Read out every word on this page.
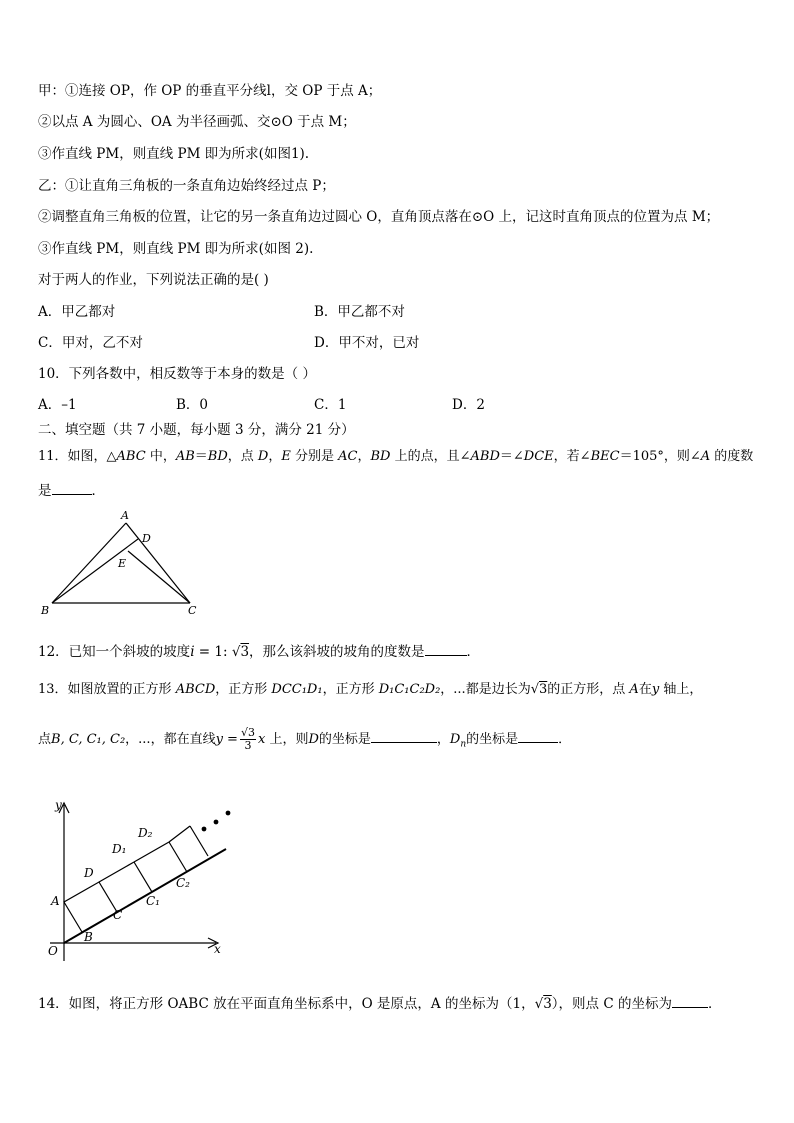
甲：①连接 OP，作 OP 的垂直平分线l，交 OP 于点 A；
②以点 A 为圆心、OA 为半径画弧、交⊙O 于点 M；
③作直线 PM，则直线 PM 即为所求(如图1).
乙：①让直角三角板的一条直角边始终经过点 P；
②调整直角三角板的位置，让它的另一条直角边过圆心 O，直角顶点落在⊙O 上，记这时直角顶点的位置为点 M；
③作直线 PM，则直线 PM 即为所求(如图 2).
对于两人的作业，下列说法正确的是( )
A．甲乙都对	B．甲乙都不对
C．甲对，乙不对	D．甲不对，已对
10．下列各数中，相反数等于本身的数是（ ）
A．–1	B．0	C．1	D．2
二、填空题（共 7 小题，每小题 3 分，满分 21 分）
11．如图，△ABC 中，AB＝BD，点 D，E 分别是 AC，BD 上的点，且∠ABD＝∠DCE，若∠BEC＝105°，则∠A 的度数
是	．
A
B	C
D
E
12．已知一个斜坡的坡度i = 1: √3，那么该斜坡的坡角的度数是	．
13．如图放置的正方形 ABCD，正方形 DCC₁D₁，正方形 D₁C₁C₂D₂，...都是边长为√3的正方形，点 A在y 轴上，
点B, C, C₁, C₂，...，都在直线$y = \frac{√3}{3}$ x 上，则D的坐标是	，$D_n$的坐标是	．
y
x
O
A
B
C
D
D₁
D₂
C₁
C₂
14．如图，将正方形 OABC 放在平面直角坐标系中，O 是原点，A 的坐标为（1，√3），则点 C 的坐标为	．
